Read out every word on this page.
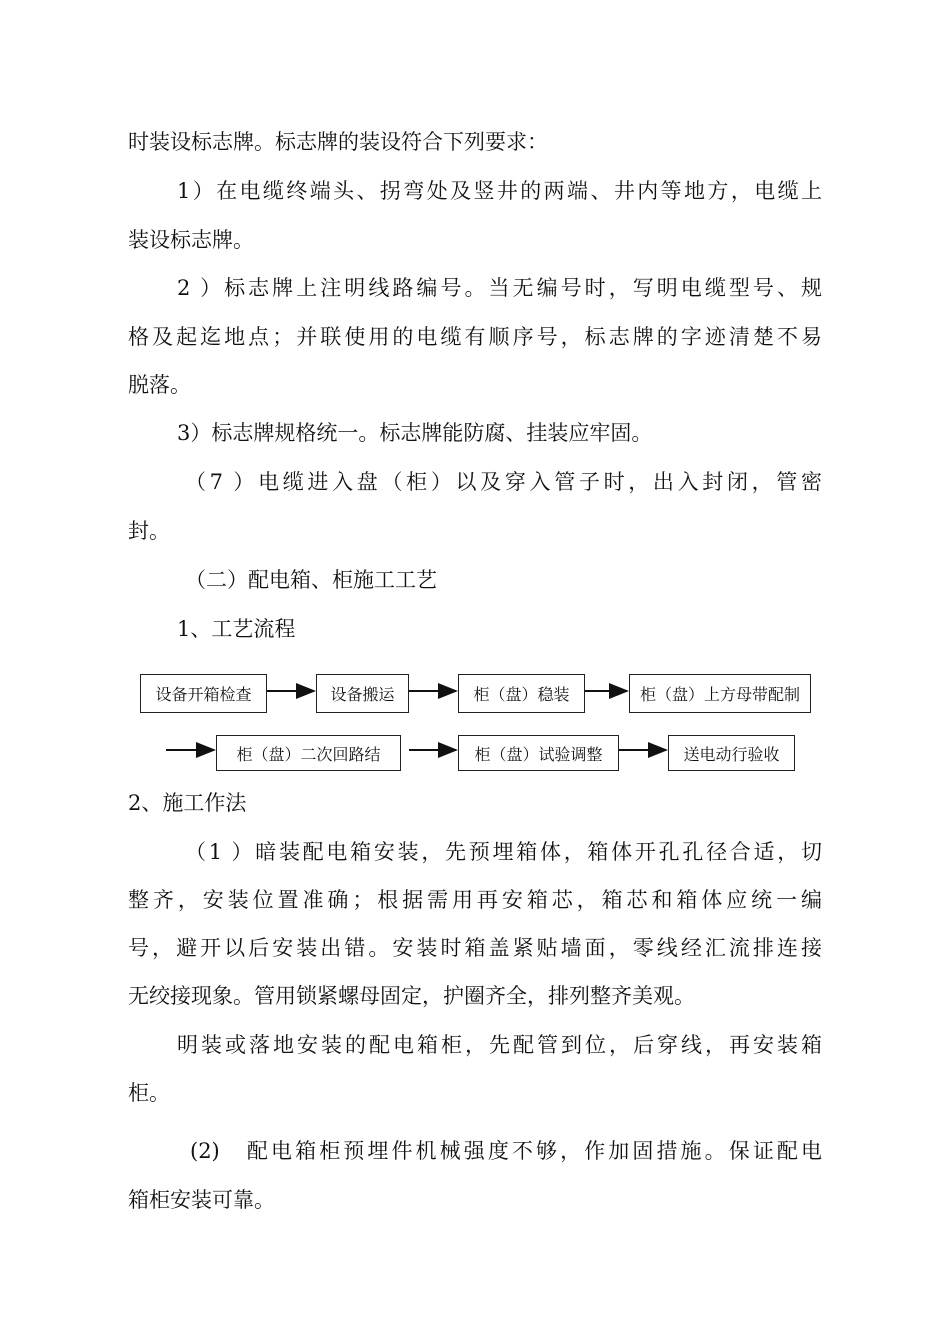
时装设标志牌。标志牌的装设符合下列要求：
1）在电缆终端头、拐弯处及竖井的两端、井内等地方，电缆上
装设标志牌。
2 ）标志牌上注明线路编号。当无编号时，写明电缆型号、规
格及起迄地点；并联使用的电缆有顺序号，标志牌的字迹清楚不易
脱落。
3）标志牌规格统一。标志牌能防腐、挂装应牢固。
（7 ）电缆进入盘（柜）以及穿入管子时，出入封闭，管密
封。
（二）配电箱、柜施工工艺
1、工艺流程
设备开箱检查	设备搬运	柜（盘）稳装	柜（盘）上方母带配制
柜（盘）二次回路结	柜（盘）试验调整	送电动行验收
2、施工作法
（1 ）暗装配电箱安装，先预埋箱体，箱体开孔孔径合适，切
整齐，安装位置准确；根据需用再安箱芯，箱芯和箱体应统一编
号，避开以后安装出错。安装时箱盖紧贴墙面，零线经汇流排连接
无绞接现象。管用锁紧螺母固定，护圈齐全，排列整齐美观。
明装或落地安装的配电箱柜，先配管到位，后穿线，再安装箱
柜。
(2)　配电箱柜预埋件机械强度不够，作加固措施。保证配电
箱柜安装可靠。
